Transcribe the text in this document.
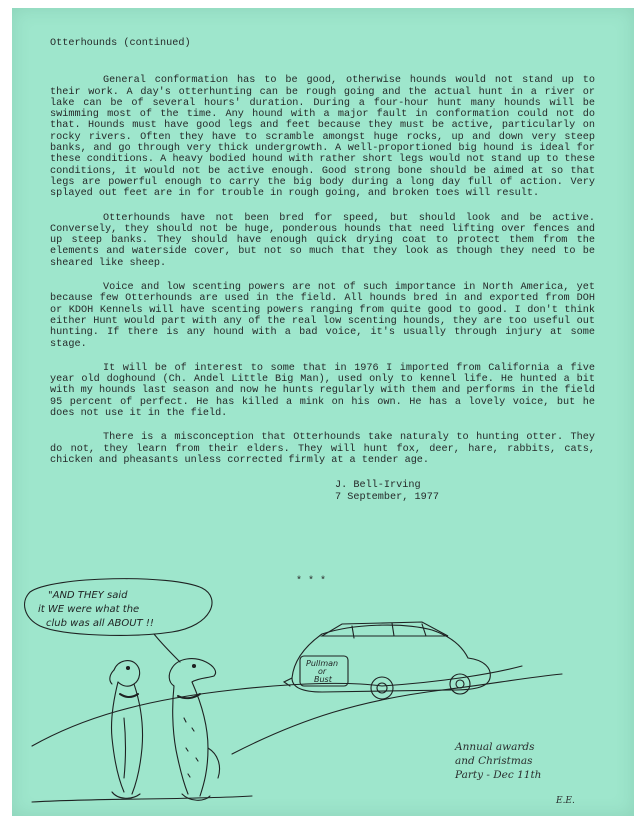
Otterhounds (continued)

General conformation has to be good, otherwise hounds would not stand up to their work. A day's otterhunting can be rough going and the actual hunt in a river or lake can be of several hours' duration. During a four-hour hunt many hounds will be swimming most of the time. Any hound with a major fault in conformation could not do that. Hounds must have good legs and feet because they must be active, particularly on rocky rivers. Often they have to scramble amongst huge rocks, up and down very steep banks, and go through very thick undergrowth. A well-proportioned big hound is ideal for these conditions. A heavy bodied hound with rather short legs would not stand up to these conditions, it would not be active enough. Good strong bone should be aimed at so that legs are powerful enough to carry the big body during a long day full of action. Very splayed out feet are in for trouble in rough going, and broken toes will result.

Otterhounds have not been bred for speed, but should look and be active. Conversely, they should not be huge, ponderous hounds that need lifting over fences and up steep banks. They should have enough quick drying coat to protect them from the elements and waterside cover, but not so much that they look as though they need to be sheared like sheep.

Voice and low scenting powers are not of such importance in North America, yet because few Otterhounds are used in the field. All hounds bred in and exported from DOH or KDOH Kennels will have scenting powers ranging from quite good to good. I don't think either Hunt would part with any of the real low scenting hounds, they are too useful out hunting. If there is any hound with a bad voice, it's usually through injury at some stage.

It will be of interest to some that in 1976 I imported from California a five year old doghound (Ch. Andel Little Big Man), used only to kennel life. He hunted a bit with my hounds last season and now he hunts regularly with them and performs in the field 95 percent of perfect. He has killed a mink on his own. He has a lovely voice, but he does not use it in the field.

There is a misconception that Otterhounds take naturaly to hunting otter. They do not, they learn from their elders. They will hunt fox, deer, hare, rabbits, cats, chicken and pheasants unless corrected firmly at a tender age.

J. Bell-Irving
7 September, 1977
* * *
"AND THEY said
it WE were what the
club was all ABOUT !!
Pullman
or
Bust
Annual awards
and Christmas
Party - Dec 11th
E.E.
